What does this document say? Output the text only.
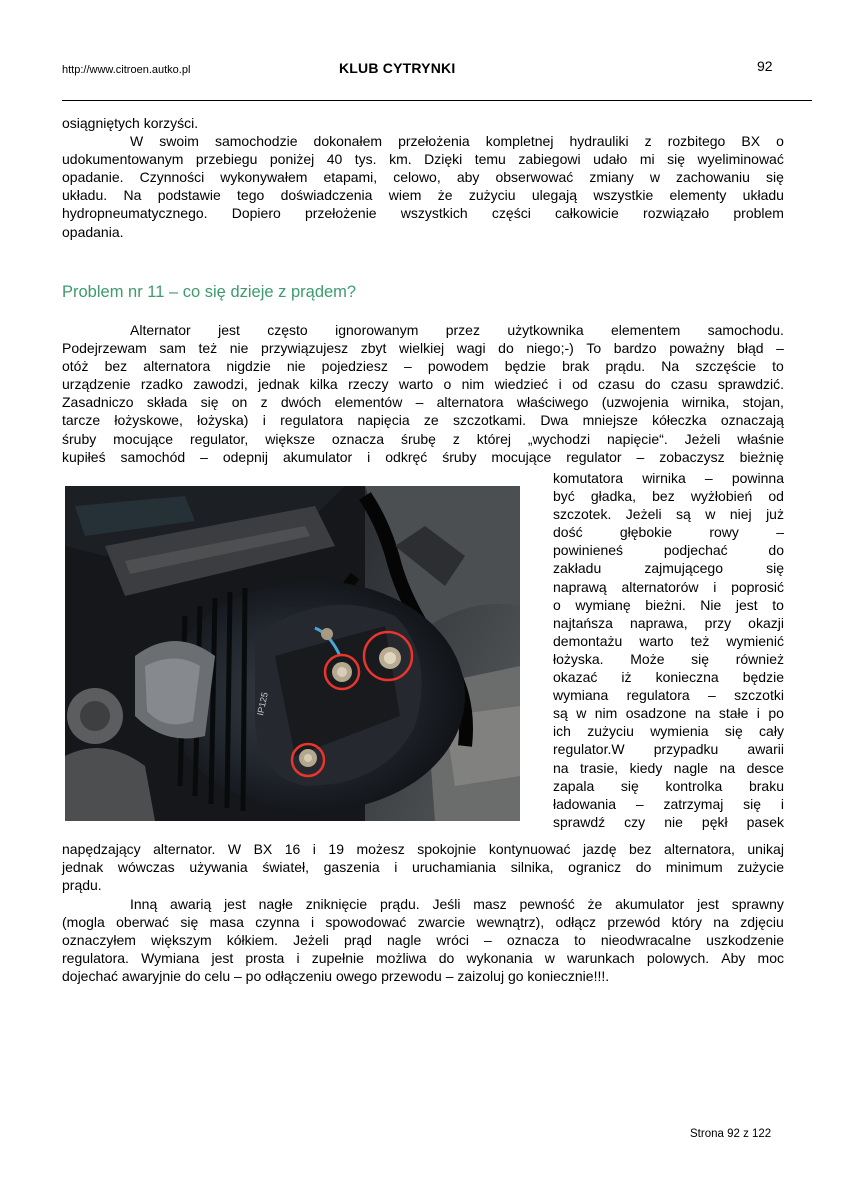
http://www.citroen.autko.pl	KLUB CYTRYNKI	92
osiągniętych korzyści.
W swoim samochodzie dokonałem przełożenia kompletnej hydrauliki z rozbitego BX o
udokumentowanym przebiegu poniżej 40 tys. km. Dzięki temu zabiegowi udało mi się wyeliminować
opadanie. Czynności wykonywałem etapami, celowo, aby obserwować zmiany w zachowaniu się
układu. Na podstawie tego doświadczenia wiem że zużyciu ulegają wszystkie elementy układu
hydropneumatycznego. Dopiero przełożenie wszystkich części całkowicie rozwiązało problem
opadania.
Problem nr 11 – co się dzieje z prądem?
Alternator jest często ignorowanym przez użytkownika elementem samochodu.
Podejrzewam sam też nie przywiązujesz zbyt wielkiej wagi do niego;-) To bardzo poważny błąd –
otóż bez alternatora nigdzie nie pojedziesz – powodem będzie brak prądu. Na szczęście to
urządzenie rzadko zawodzi, jednak kilka rzeczy warto o nim wiedzieć i od czasu do czasu sprawdzić.
Zasadniczo składa się on z dwóch elementów – alternatora właściwego (uzwojenia wirnika, stojan,
tarcze łożyskowe, łożyska) i regulatora napięcia ze szczotkami. Dwa mniejsze kółeczka oznaczają
śruby mocujące regulator, większe oznacza śrubę z której „wychodzi napięcie“. Jeżeli właśnie
kupiłeś samochód – odepnij akumulator i odkręć śruby mocujące regulator – zobaczysz bieżnię
IP125
komutatora wirnika – powinna
być gładka, bez wyżłobień od
szczotek. Jeżeli są w niej już
dość	głębokie	rowy	–
powinieneś	podjechać	do
zakładu	zajmującego	się
naprawą alternatorów i poprosić
o wymianę bieżni. Nie jest to
najtańsza naprawa, przy okazji
demontażu warto też wymienić
łożyska. Może się również
okazać iż konieczna będzie
wymiana regulatora – szczotki
są w nim osadzone na stałe i po
ich zużyciu wymienia się cały
regulator.W przypadku awarii
na trasie, kiedy nagle na desce
zapala się kontrolka braku
ładowania – zatrzymaj się i
sprawdź czy nie pękł pasek
napędzający alternator. W BX 16 i 19 możesz spokojnie kontynuować jazdę bez alternatora, unikaj
jednak wówczas używania świateł, gaszenia i uruchamiania silnika, ogranicz do minimum zużycie
prądu.
Inną awarią jest nagłe zniknięcie prądu. Jeśli masz pewność że akumulator jest sprawny
(mogla oberwać się masa czynna i spowodować zwarcie wewnątrz), odłącz przewód który na zdjęciu
oznaczyłem większym kółkiem. Jeżeli prąd nagle wróci – oznacza to nieodwracalne uszkodzenie
regulatora. Wymiana jest prosta i zupełnie możliwa do wykonania w warunkach polowych. Aby moc
dojechać awaryjnie do celu – po odłączeniu owego przewodu – zaizoluj go koniecznie!!!.
Strona 92 z 122
